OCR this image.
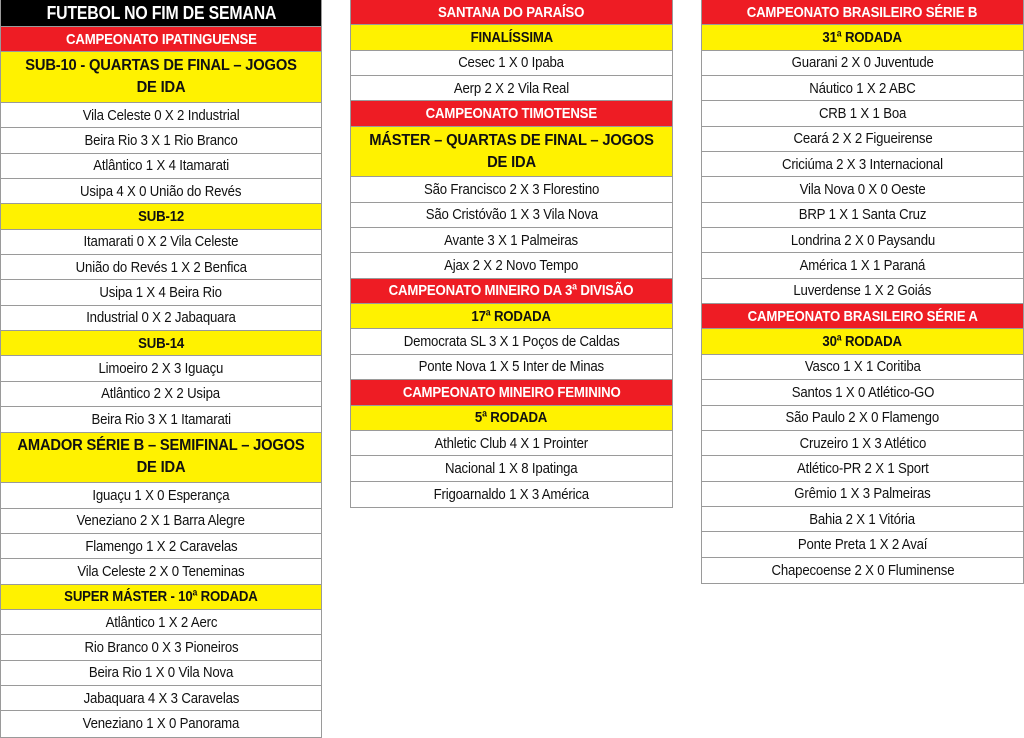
FUTEBOL NO FIM DE SEMANA
CAMPEONATO IPATINGUENSE
SUB-10 - QUARTAS DE FINAL – JOGOS DE IDA
Vila Celeste 0 X 2 Industrial
Beira Rio 3 X 1 Rio Branco
Atlântico 1 X 4 Itamarati
Usipa 4 X 0 União do Revés
SUB-12
Itamarati 0 X 2 Vila Celeste
União do Revés 1 X 2 Benfica
Usipa 1 X 4 Beira Rio
Industrial 0 X 2 Jabaquara
SUB-14
Limoeiro 2 X 3 Iguaçu
Atlântico 2 X 2 Usipa
Beira Rio 3 X 1 Itamarati
AMADOR SÉRIE B – SEMIFINAL – JOGOS DE IDA
Iguaçu 1 X 0 Esperança
Veneziano 2 X 1 Barra Alegre
Flamengo 1 X 2 Caravelas
Vila Celeste 2 X 0 Teneminas
SUPER MÁSTER - 10ª RODADA
Atlântico 1 X 2 Aerc
Rio Branco 0 X 3 Pioneiros
Beira Rio 1 X 0 Vila Nova
Jabaquara 4 X 3 Caravelas
Veneziano 1 X 0 Panorama
SANTANA DO PARAÍSO
FINALÍSSIMA
Cesec 1 X 0 Ipaba
Aerp 2 X 2 Vila Real
CAMPEONATO TIMOTENSE
MÁSTER – QUARTAS DE FINAL – JOGOS DE IDA
São Francisco 2 X 3 Florestino
São Cristóvão 1 X 3 Vila Nova
Avante 3 X 1 Palmeiras
Ajax 2 X 2 Novo Tempo
CAMPEONATO MINEIRO DA 3ª DIVISÃO
17ª RODADA
Democrata SL 3 X 1 Poços de Caldas
Ponte Nova 1 X 5 Inter de Minas
CAMPEONATO MINEIRO FEMININO
5ª RODADA
Athletic Club 4 X 1 Prointer
Nacional 1 X 8 Ipatinga
Frigoarnaldo 1 X 3 América
CAMPEONATO BRASILEIRO SÉRIE B
31ª RODADA
Guarani 2 X 0 Juventude
Náutico 1 X 2 ABC
CRB 1 X 1 Boa
Ceará 2 X 2 Figueirense
Criciúma 2 X 3 Internacional
Vila Nova 0 X 0 Oeste
BRP 1 X 1 Santa Cruz
Londrina 2 X 0 Paysandu
América 1 X 1 Paraná
Luverdense 1 X 2 Goiás
CAMPEONATO BRASILEIRO SÉRIE A
30ª RODADA
Vasco 1 X 1 Coritiba
Santos 1 X 0 Atlético-GO
São Paulo 2 X 0 Flamengo
Cruzeiro 1 X 3 Atlético
Atlético-PR 2 X 1 Sport
Grêmio 1 X 3 Palmeiras
Bahia 2 X 1 Vitória
Ponte Preta 1 X 2 Avaí
Chapecoense 2 X 0 Fluminense
